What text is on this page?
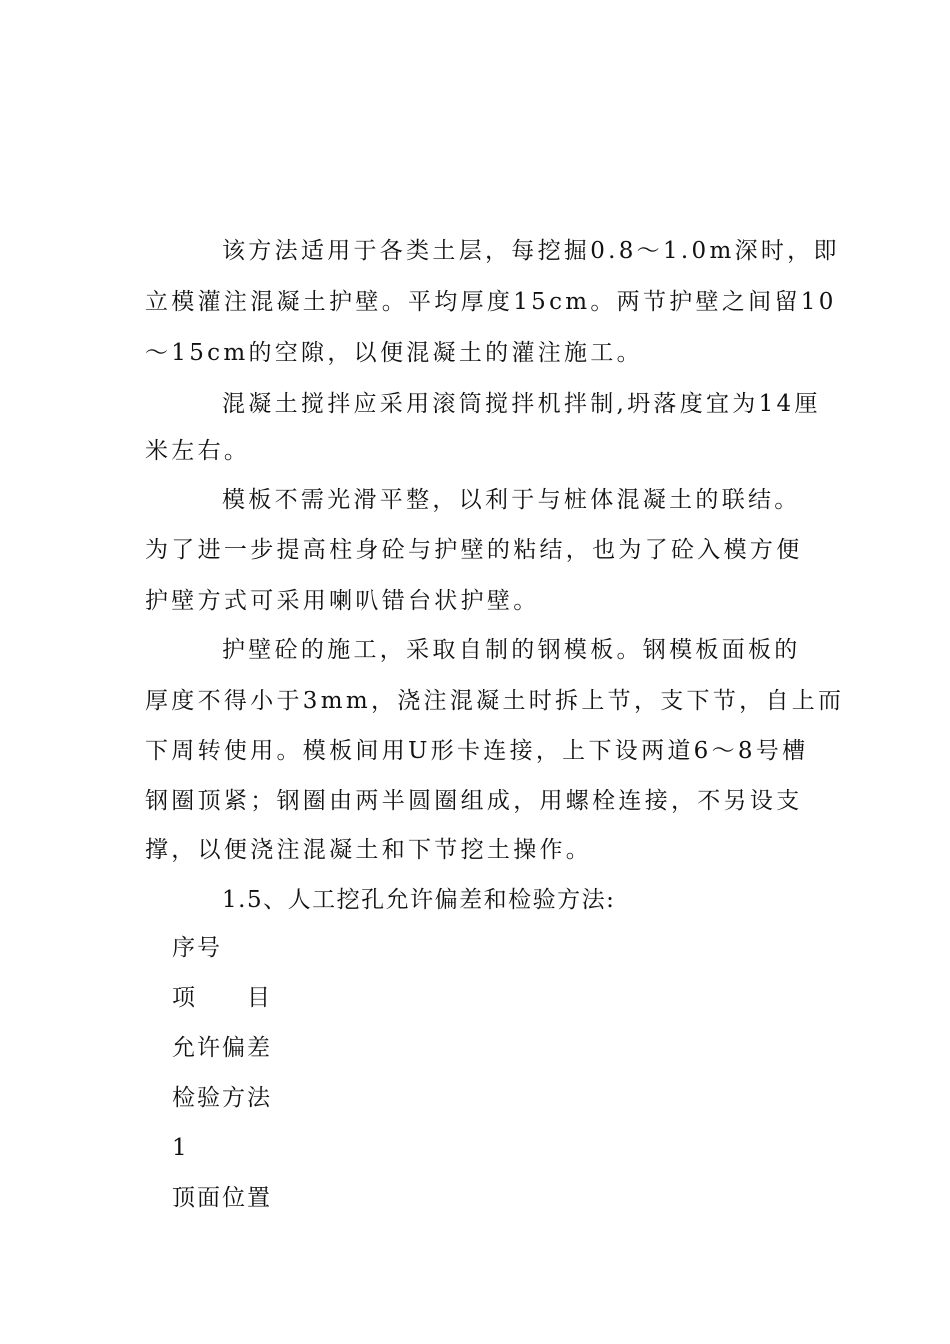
该方法适用于各类土层，每挖掘0.8～1.0m深时，即
立模灌注混凝土护壁。平均厚度15cm。两节护壁之间留10
～15cm的空隙，以便混凝土的灌注施工。
混凝土搅拌应采用滚筒搅拌机拌制,坍落度宜为14厘
米左右。
模板不需光滑平整，以利于与桩体混凝土的联结。
为了进一步提高柱身砼与护壁的粘结，也为了砼入模方便
护壁方式可采用喇叭错台状护壁。
护壁砼的施工，采取自制的钢模板。钢模板面板的
厚度不得小于3mm，浇注混凝土时拆上节，支下节，自上而
下周转使用。模板间用U形卡连接，上下设两道6～8号槽
钢圈顶紧；钢圈由两半圆圈组成，用螺栓连接，不另设支
撑，以便浇注混凝土和下节挖土操作。
1.5、人工挖孔允许偏差和检验方法:
序号
项　　目
允许偏差
检验方法
1
顶面位置
